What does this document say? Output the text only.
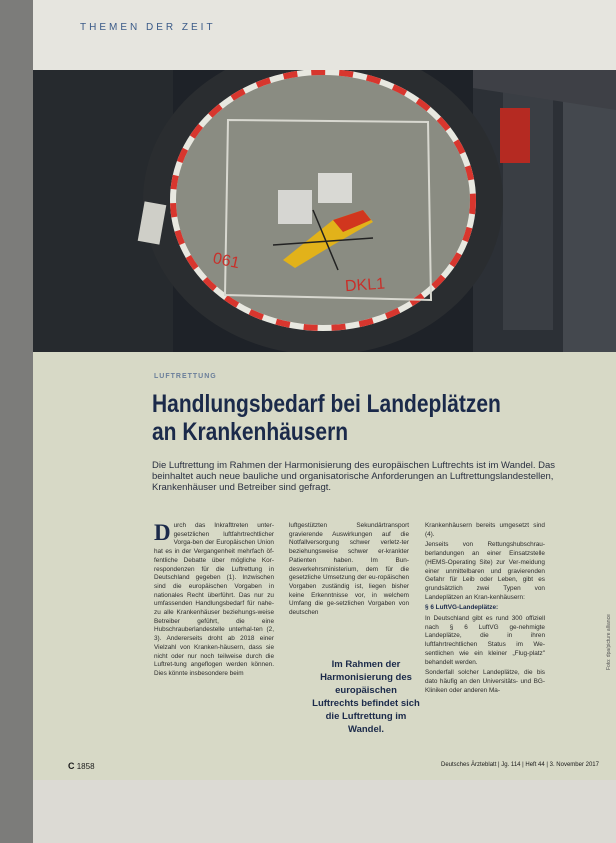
THEMEN DER ZEIT
061
DKL1
LUFTRETTUNG
Handlungsbedarf bei Landeplätzen
an Krankenhäusern
Die Luftrettung im Rahmen der Harmonisierung des europäischen Luftrechts ist im Wandel. Das beinhaltet auch neue bauliche und organisatorische Anforderungen an Luftrettungslandestellen, Krankenhäuser und Betreiber sind gefragt.

Durch das Inkrafttreten unter-gesetzlichen luftfahrtrechtlicher Vorga-ben der Europäischen Union hat es in der Vergangenheit mehrfach öf-fentliche Debatte über mögliche Kor-respondenzen für die Luftrettung in Deutschland gegeben (1). Inzwischen sind die europäischen Vorgaben in nationales Recht überführt. Das nur zu umfassenden Handlungsbedarf für nahe-zu alle Krankenhäuser beziehungs-weise Betreiber geführt, die eine Hubschrauberlandestelle unterhal-ten (2, 3). Andererseits droht ab 2018 einer Vielzahl von Kranken-häusern, dass sie nicht oder nur noch teilweise durch die Luftret-tung angeflogen werden können. Dies könnte insbesondere beim

luftgestützten Sekundärtransport gravierende Auswirkungen auf die Notfallversorgung schwer verletz-ter beziehungsweise schwer er-krankter Patienten haben. Im Bun-desverkehrsministerium, dem für die gesetzliche Umsetzung der eu-ropäischen Vorgaben zuständig ist, liegen bisher keine Erkenntnisse vor, in welchem Umfang die ge-setzlichen Vorgaben von deutschen

Im Rahmen der Harmonisierung des europäischen Luftrechts befindet sich die Luftrettung im Wandel.

Krankenhäusern bereits umgesetzt sind (4).

Jenseits von Rettungshubschrau-berlandungen an einer Einsatzstelle (HEMS-Operating Site) zur Ver-meidung einer unmittelbaren und gravierenden Gefahr für Leib oder Leben, gibt es grundsätzlich zwei Typen von Landeplätzen an Kran-kenhäusern:

§ 6 LuftVG-Landeplätze:

In Deutschland gibt es rund 300 offiziell nach § 6 LuftVG ge-nehmigte Landeplätze, die in ihren luftfahrtrechtlichen Status im We-sentlichen wie ein kleiner „Flug-platz" behandelt werden.

Sonderfall solcher Landeplätze, die bis dato häufig an den Universitäts- und BG-Kliniken oder anderen Ma-

C 1858	Deutsches Ärzteblatt | Jg. 114 | Heft 44 | 3. November 2017
Foto: dpa/picture alliance
